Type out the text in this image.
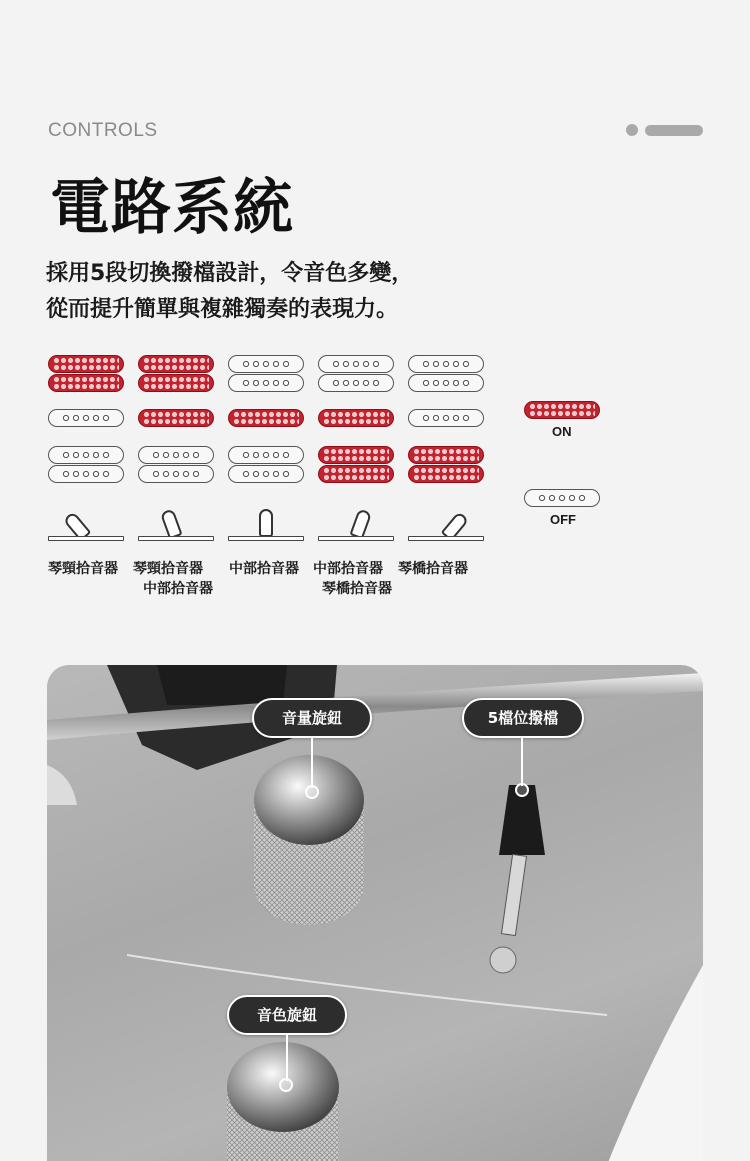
CONTROLS
電路系統
採用5段切換撥檔設計，令音色多變，
從而提升簡單與複雜獨奏的表現力。
琴頸拾音器 琴頸拾音器
中部拾音器
中部拾音器 中部拾音器
琴橋拾音器
琴橋拾音器
ON
OFF
音量旋鈕	5檔位撥檔
音色旋鈕
